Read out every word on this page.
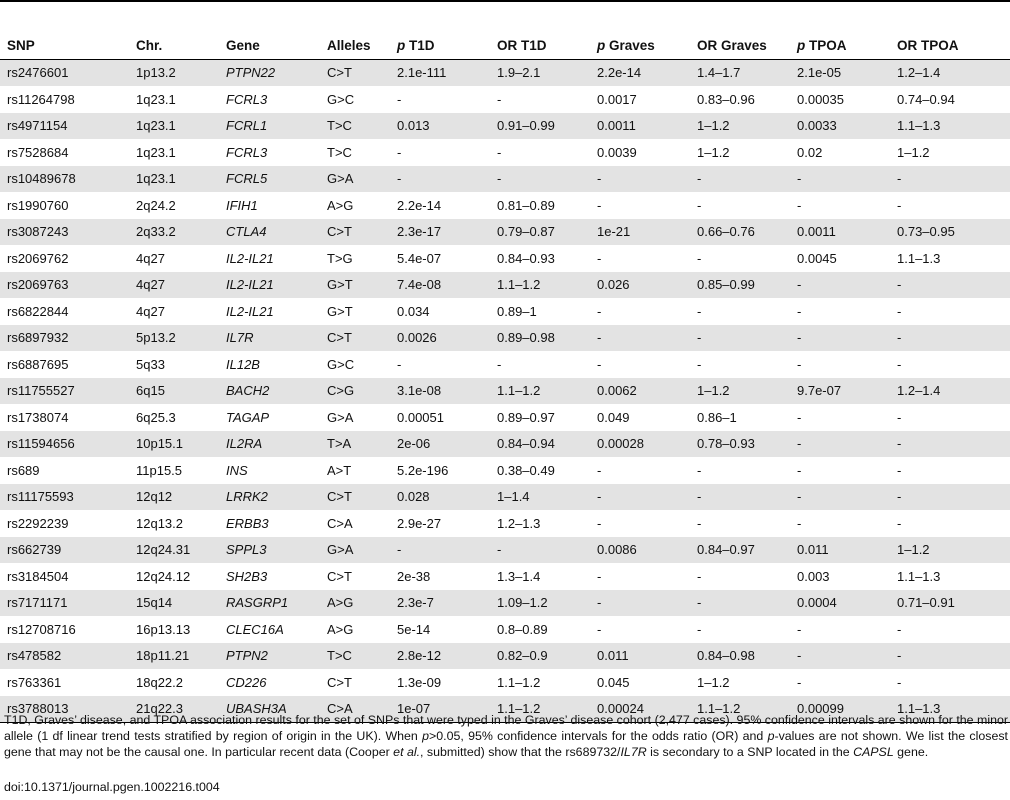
SNP	Chr.	Gene	Alleles	p T1D	OR T1D	p Graves	OR Graves	p TPOA	OR TPOA
rs2476601	1p13.2	PTPN22	C>T	2.1e-111	1.9–2.1	2.2e-14	1.4–1.7	2.1e-05	1.2–1.4
rs11264798	1q23.1	FCRL3	G>C	-	-	0.0017	0.83–0.96	0.00035	0.74–0.94
rs4971154	1q23.1	FCRL1	T>C	0.013	0.91–0.99	0.0011	1–1.2	0.0033	1.1–1.3
rs7528684	1q23.1	FCRL3	T>C	-	-	0.0039	1–1.2	0.02	1–1.2
rs10489678	1q23.1	FCRL5	G>A	-	-	-	-	-	-
rs1990760	2q24.2	IFIH1	A>G	2.2e-14	0.81–0.89	-	-	-	-
rs3087243	2q33.2	CTLA4	C>T	2.3e-17	0.79–0.87	1e-21	0.66–0.76	0.0011	0.73–0.95
rs2069762	4q27	IL2-IL21	T>G	5.4e-07	0.84–0.93	-	-	0.0045	1.1–1.3
rs2069763	4q27	IL2-IL21	G>T	7.4e-08	1.1–1.2	0.026	0.85–0.99	-	-
rs6822844	4q27	IL2-IL21	G>T	0.034	0.89–1	-	-	-	-
rs6897932	5p13.2	IL7R	C>T	0.0026	0.89–0.98	-	-	-	-
rs6887695	5q33	IL12B	G>C	-	-	-	-	-	-
rs11755527	6q15	BACH2	C>G	3.1e-08	1.1–1.2	0.0062	1–1.2	9.7e-07	1.2–1.4
rs1738074	6q25.3	TAGAP	G>A	0.00051	0.89–0.97	0.049	0.86–1	-	-
rs11594656	10p15.1	IL2RA	T>A	2e-06	0.84–0.94	0.00028	0.78–0.93	-	-
rs689	11p15.5	INS	A>T	5.2e-196	0.38–0.49	-	-	-	-
rs11175593	12q12	LRRK2	C>T	0.028	1–1.4	-	-	-	-
rs2292239	12q13.2	ERBB3	C>A	2.9e-27	1.2–1.3	-	-	-	-
rs662739	12q24.31	SPPL3	G>A	-	-	0.0086	0.84–0.97	0.011	1–1.2
rs3184504	12q24.12	SH2B3	C>T	2e-38	1.3–1.4	-	-	0.003	1.1–1.3
rs7171171	15q14	RASGRP1	A>G	2.3e-7	1.09–1.2	-	-	0.0004	0.71–0.91
rs12708716	16p13.13	CLEC16A	A>G	5e-14	0.8–0.89	-	-	-	-
rs478582	18p11.21	PTPN2	T>C	2.8e-12	0.82–0.9	0.011	0.84–0.98	-	-
rs763361	18q22.2	CD226	C>T	1.3e-09	1.1–1.2	0.045	1–1.2	-	-
rs3788013	21q22.3	UBASH3A	C>A	1e-07	1.1–1.2	0.00024	1.1–1.2	0.00099	1.1–1.3

T1D, Graves’ disease, and TPOA association results for the set of SNPs that were typed in the Graves’ disease cohort (2,477 cases). 95% confidence intervals are shown for the minor allele (1 df linear trend tests stratified by region of origin in the UK). When p>0.05, 95% confidence intervals for the odds ratio (OR) and p-values are not shown. We list the closest gene that may not be the causal one. In particular recent data (Cooper et al., submitted) show that the rs689732/IL7R is secondary to a SNP located in the CAPSL gene.

doi:10.1371/journal.pgen.1002216.t004
